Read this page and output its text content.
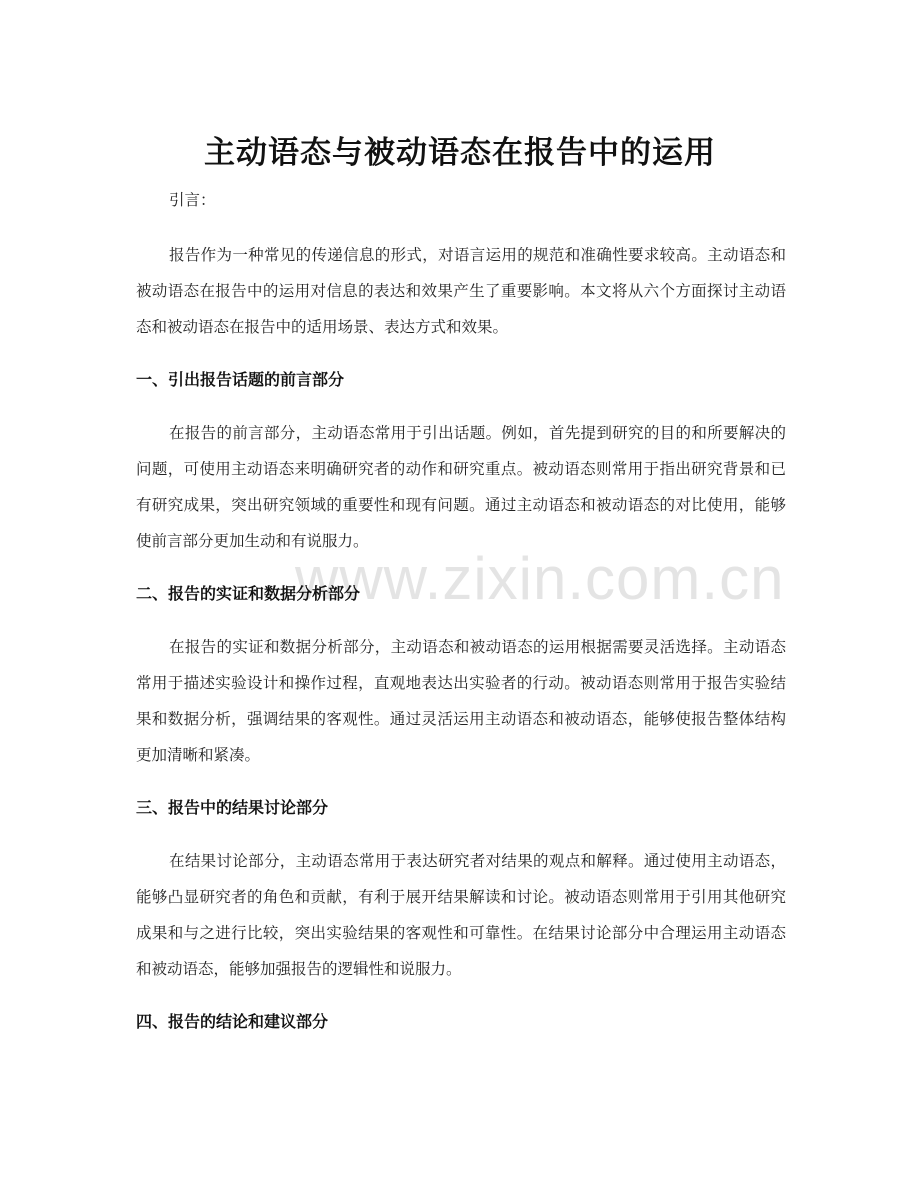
www.zixin.com.cn
主动语态与被动语态在报告中的运用

引言：

报告作为一种常见的传递信息的形式，对语言运用的规范和准确性要求较高。主动语态和被动语态在报告中的运用对信息的表达和效果产生了重要影响。本文将从六个方面探讨主动语态和被动语态在报告中的适用场景、表达方式和效果。

一、引出报告话题的前言部分

在报告的前言部分，主动语态常用于引出话题。例如，首先提到研究的目的和所要解决的问题，可使用主动语态来明确研究者的动作和研究重点。被动语态则常用于指出研究背景和已有研究成果，突出研究领域的重要性和现有问题。通过主动语态和被动语态的对比使用，能够使前言部分更加生动和有说服力。

二、报告的实证和数据分析部分

在报告的实证和数据分析部分，主动语态和被动语态的运用根据需要灵活选择。主动语态常用于描述实验设计和操作过程，直观地表达出实验者的行动。被动语态则常用于报告实验结果和数据分析，强调结果的客观性。通过灵活运用主动语态和被动语态，能够使报告整体结构更加清晰和紧凑。

三、报告中的结果讨论部分

在结果讨论部分，主动语态常用于表达研究者对结果的观点和解释。通过使用主动语态，能够凸显研究者的角色和贡献，有利于展开结果解读和讨论。被动语态则常用于引用其他研究成果和与之进行比较，突出实验结果的客观性和可靠性。在结果讨论部分中合理运用主动语态和被动语态，能够加强报告的逻辑性和说服力。

四、报告的结论和建议部分
